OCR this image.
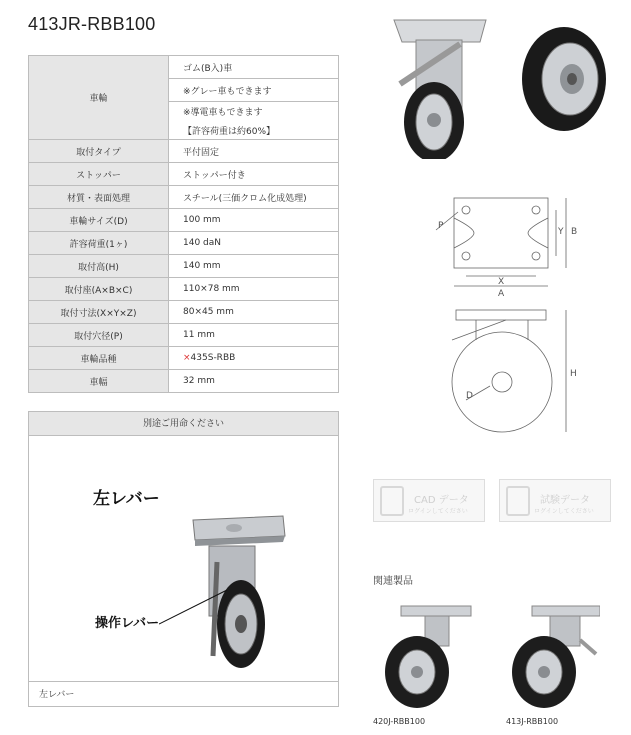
413JR-RBB100
車輪	ゴム(B入)車
	※グレー車もできます
	※導電車もできます
	【許容荷重は約60%】
取付タイプ	平付固定
ストッパー	ストッパー付き
材質・表面処理	スチール(三価クロム化成処理)
車輪サイズ(D)	100 mm
許容荷重(1ヶ)	140 daN
取付高(H)	140 mm
取付座(A×B×C)	110×78 mm
取付寸法(X×Y×Z)	80×45 mm
取付穴径(P)	11 mm
車輪品種	×435S-RBB
車幅	32 mm
別途ご用命ください
左レバー
操作レバー
左レバー
P
Y B
X
A
H
D
CAD データ
ログインしてください
試験データ
ログインしてください
関連製品
420J-RBB100	413J-RBB100
